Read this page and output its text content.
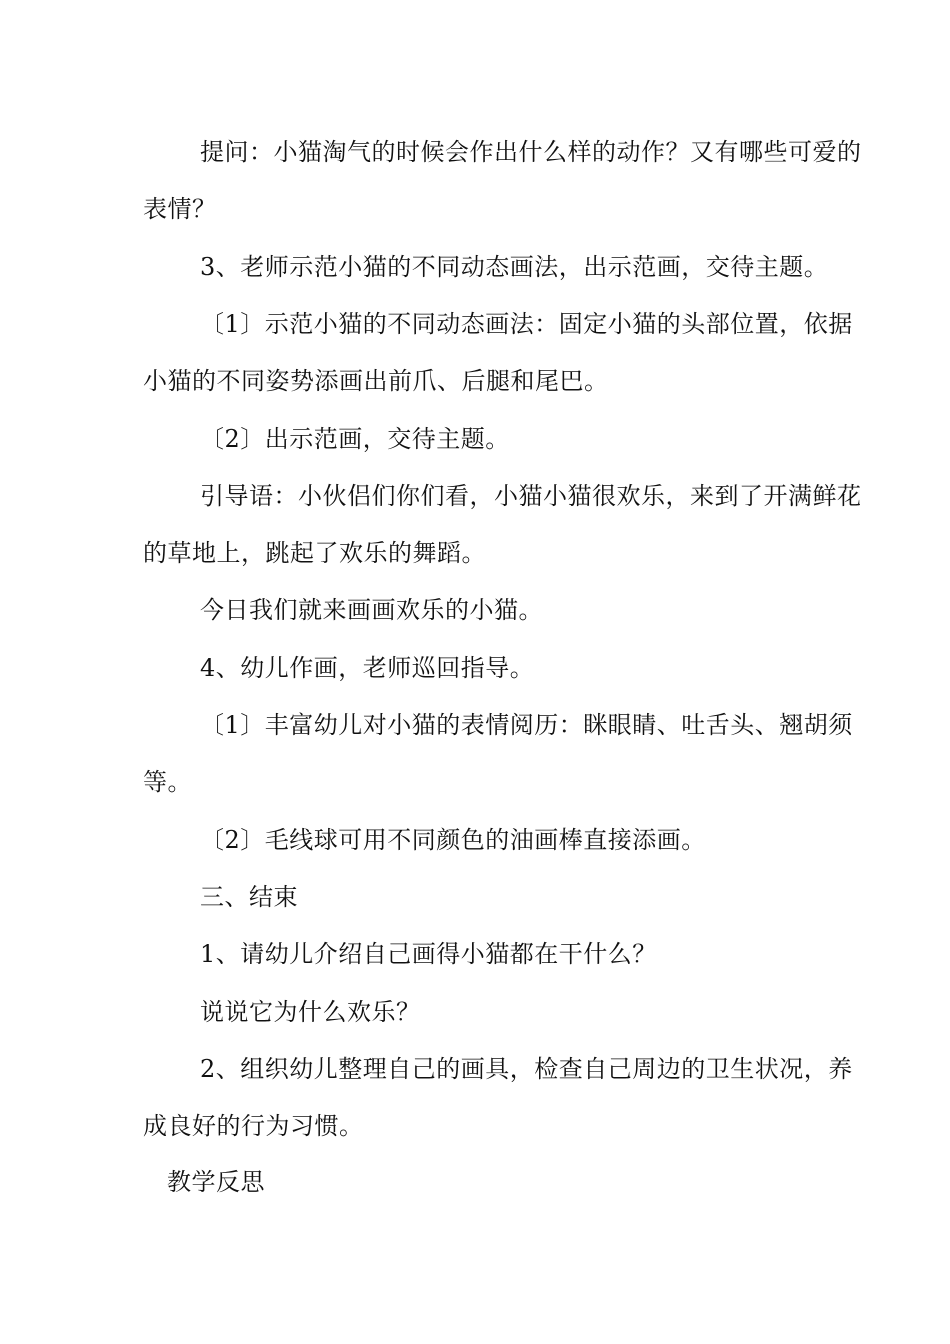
提问：小猫淘气的时候会作出什么样的动作？又有哪些可爱的
表情？
3、老师示范小猫的不同动态画法，出示范画，交待主题。
〔1〕示范小猫的不同动态画法：固定小猫的头部位置，依据
小猫的不同姿势添画出前爪、后腿和尾巴。
〔2〕出示范画，交待主题。
引导语：小伙侣们你们看，小猫小猫很欢乐，来到了开满鲜花
的草地上，跳起了欢乐的舞蹈。
今日我们就来画画欢乐的小猫。
4、幼儿作画，老师巡回指导。
〔1〕丰富幼儿对小猫的表情阅历：眯眼睛、吐舌头、翘胡须
等。
〔2〕毛线球可用不同颜色的油画棒直接添画。
三、结束
1、请幼儿介绍自己画得小猫都在干什么？
说说它为什么欢乐？
2、组织幼儿整理自己的画具，检查自己周边的卫生状况，养
成良好的行为习惯。
教学反思
